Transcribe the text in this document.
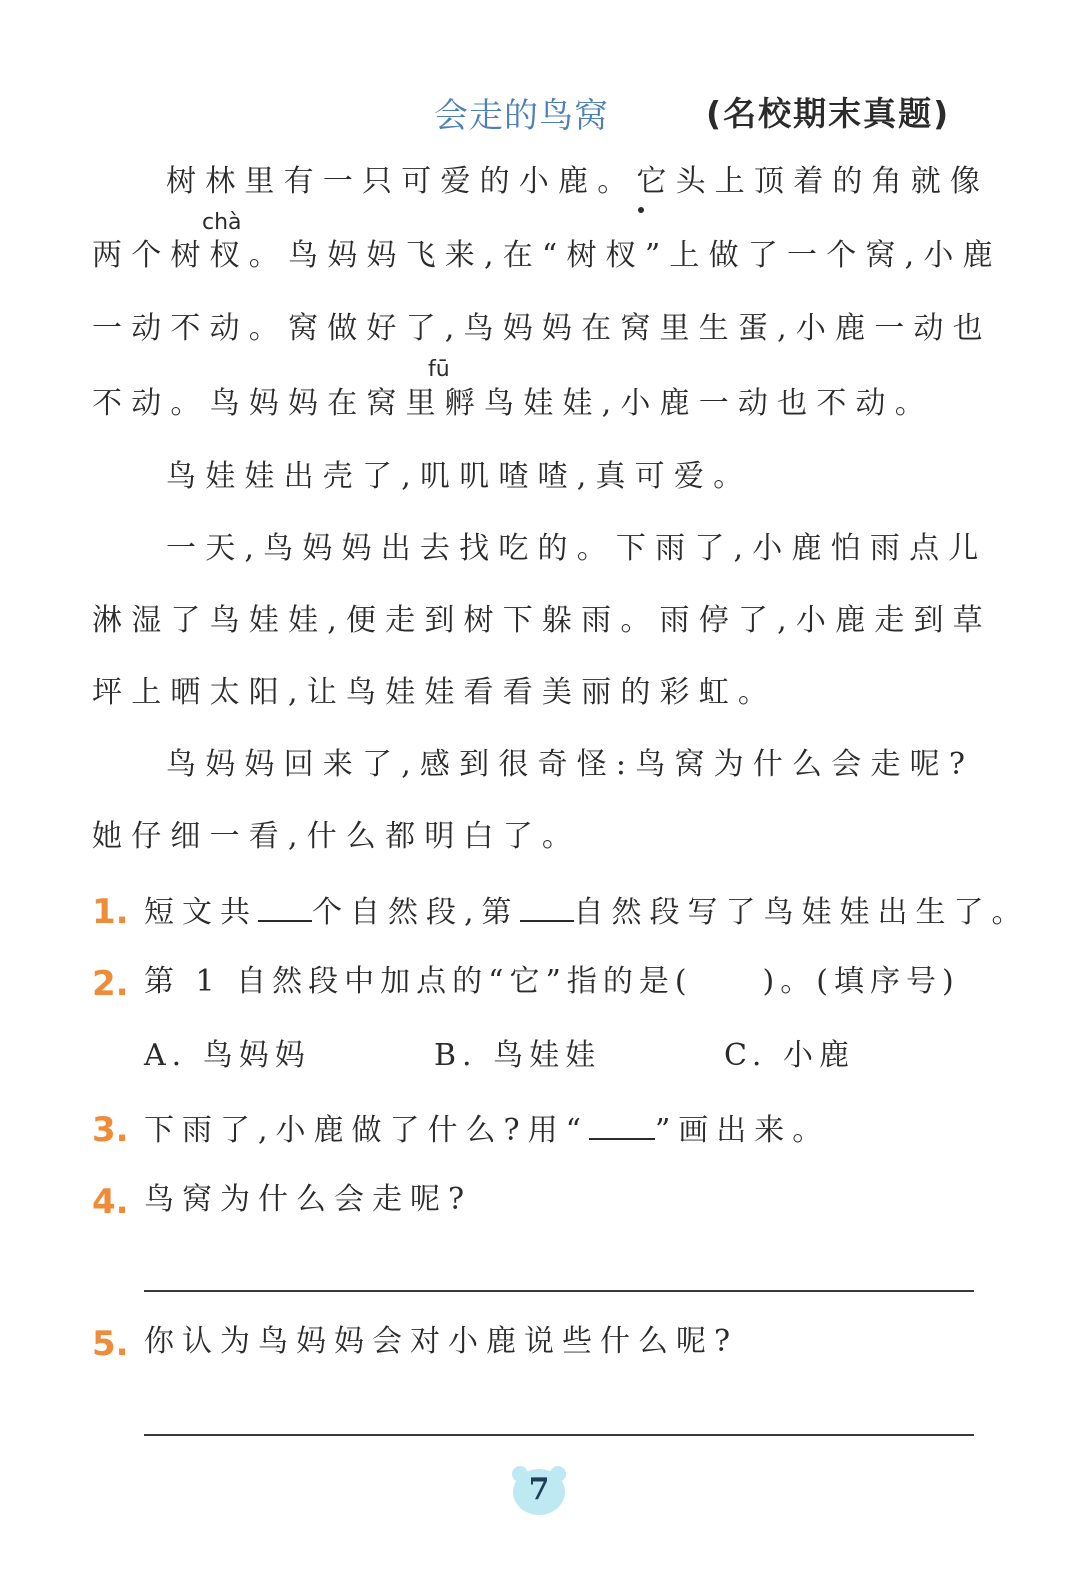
会走的鸟窝	(名校期末真题)
树林里有一只可爱的小鹿。它头上顶着的角就像
chà
两个树杈。鸟妈妈飞来,在“树杈”上做了一个窝,小鹿
一动不动。窝做好了,鸟妈妈在窝里生蛋,小鹿一动也
fū
不动。鸟妈妈在窝里孵鸟娃娃,小鹿一动也不动。
鸟娃娃出壳了,叽叽喳喳,真可爱。
一天,鸟妈妈出去找吃的。下雨了,小鹿怕雨点儿
淋湿了鸟娃娃,便走到树下躲雨。雨停了,小鹿走到草
坪上晒太阳,让鸟娃娃看看美丽的彩虹。
鸟妈妈回来了,感到很奇怪:鸟窝为什么会走呢?
她仔细一看,什么都明白了。
1. 短文共 个自然段,第 自然段写了鸟娃娃出生了。
2. 第 1 自然段中加点的“它”指的是( )。(填序号)
A. 鸟妈妈	B. 鸟娃娃	C. 小鹿
3. 下雨了,小鹿做了什么?用“ ”画出来。
4. 鸟窝为什么会走呢?
5. 你认为鸟妈妈会对小鹿说些什么呢?
7
